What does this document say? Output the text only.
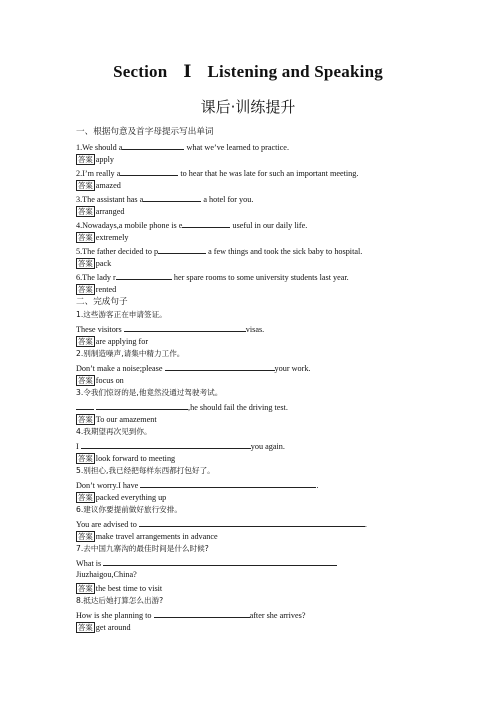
Section Ⅰ Listening and Speaking
课后·训练提升
一、根据句意及首字母提示写出单词
1.We should a	what we’ve learned to practice.
答案 apply
2.I’m really a	to hear that he was late for such an important meeting.
答案 amazed
3.The assistant has a	a hotel for you.
答案 arranged
4.Nowadays,a mobile phone is e	useful in our daily life.
答案 extremely
5.The father decided to p	a few things and took the sick baby to hospital.
答案 pack
6.The lady r	her spare rooms to some university students last year.
答案 rented
二、完成句子
1.这些游客正在申请签证。
These visitors	visas.
答案 are applying for
2.别制造噪声,请集中精力工作。
Don’t make a noise;please	your work.
答案 focus on
3.令我们惊讶的是,他竟然没通过驾驶考试。
,he should fail the driving test.
答案 To our amazement
4.我期望再次见到你。
I	you again.
答案 look forward to meeting
5.别担心,我已经把每样东西都打包好了。
Don’t worry.I have	.
答案 packed everything up
6.建议你要提前做好旅行安排。
You are advised to	.
答案 make travel arrangements in advance
7.去中国九寨沟的最佳时间是什么时候?
What is
Jiuzhaigou,China?
答案 the best time to visit
8.抵达后她打算怎么出游?
How is she planning to	after she arrives?
答案 get around
